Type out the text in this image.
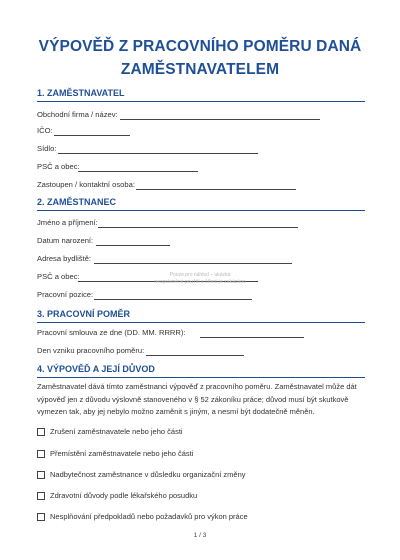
VÝPOVĚĎ Z PRACOVNÍHO POMĚRU DANÁ
ZAMĚSTNAVATELEM
1. ZAMĚSTNAVATEL
Obchodní firma / název:
IČO:
Sídlo:
PSČ a obec:
Zastoupen / kontaktní osoba:
2. ZAMĚSTNANEC
Jméno a příjmení:
Datum narození:
Adresa bydliště:
PSČ a obec:
Pracovní pozice:
Pouze pro náhled – ukázka
neoprávněné použití a šíření je zakázáno
3. PRACOVNÍ POMĚR
Pracovní smlouva ze dne (DD. MM. RRRR):
Den vzniku pracovního poměru:
4. VÝPOVĚĎ A JEJÍ DŮVOD
Zaměstnavatel dává tímto zaměstnanci výpověď z pracovního poměru. Zaměstnavatel může dát výpověď jen z důvodu výslovně stanoveného v § 52 zákoníku práce; důvod musí být skutkově vymezen tak, aby jej nebylo možno zaměnit s jiným, a nesmí být dodatečně měněn.
Zrušení zaměstnavatele nebo jeho části
Přemístění zaměstnavatele nebo jeho části
Nadbytečnost zaměstnance v důsledku organizační změny
Zdravotní důvody podle lékařského posudku
Nesplňování předpokladů nebo požadavků pro výkon práce
1 / 3
